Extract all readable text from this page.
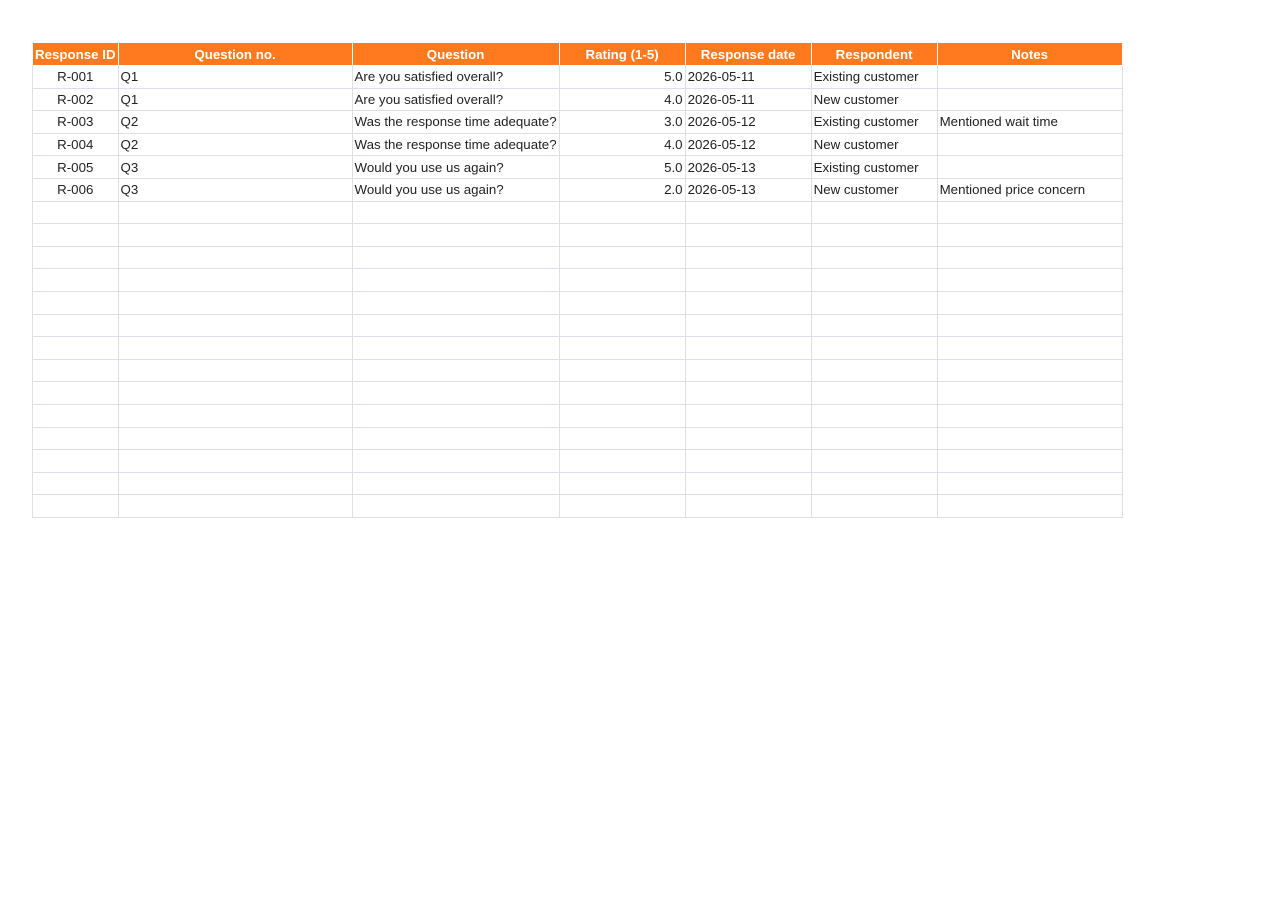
Response ID	Question no.	Question	Rating (1-5)	Response date	Respondent	Notes
R-001	Q1	Are you satisfied overall?	5.0	2026-05-11	Existing customer	
R-002	Q1	Are you satisfied overall?	4.0	2026-05-11	New customer	
R-003	Q2	Was the response time adequate?	3.0	2026-05-12	Existing customer	Mentioned wait time
R-004	Q2	Was the response time adequate?	4.0	2026-05-12	New customer	
R-005	Q3	Would you use us again?	5.0	2026-05-13	Existing customer	
R-006	Q3	Would you use us again?	2.0	2026-05-13	New customer	Mentioned price concern
